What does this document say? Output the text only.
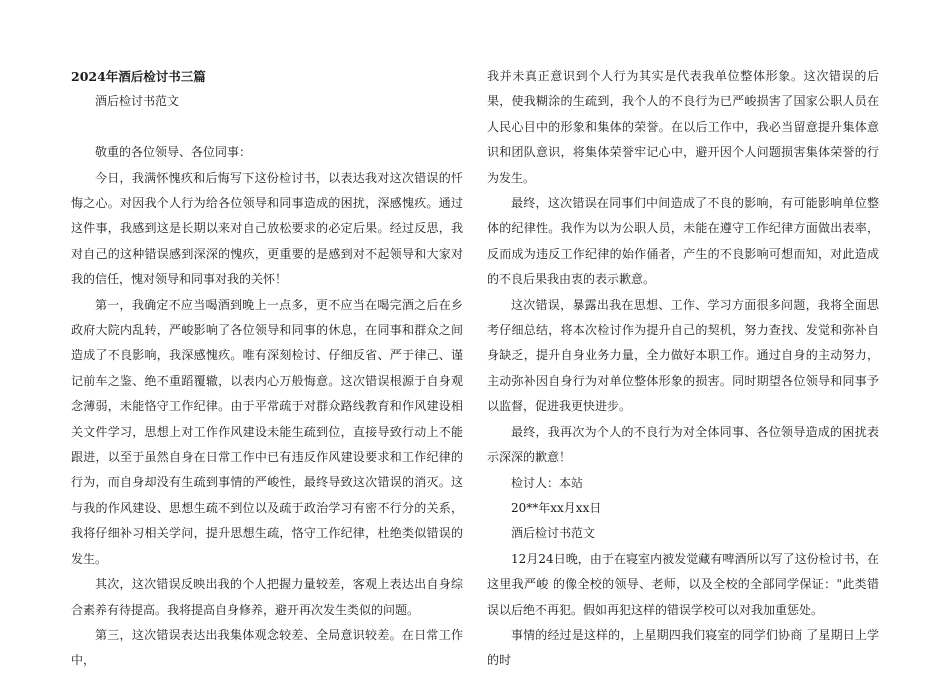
2024年酒后检讨书三篇

酒后检讨书范文

敬重的各位领导、各位同事：

今日，我满怀愧疚和后悔写下这份检讨书，以表达我对这次错误的忏悔之心。对因我个人行为给各位领导和同事造成的困扰，深感愧疚。通过这件事，我感到这是长期以来对自己放松要求的必定后果。经过反思，我对自己的这种错误感到深深的愧疚，更重要的是感到对不起领导和大家对我的信任，愧对领导和同事对我的关怀！

第一，我确定不应当喝酒到晚上一点多，更不应当在喝完酒之后在乡政府大院内乱转，严峻影响了各位领导和同事的休息，在同事和群众之间造成了不良影响，我深感愧疚。唯有深刻检讨、仔细反省、严于律己、谨记前车之鉴、绝不重蹈覆辙，以表内心万般悔意。这次错误根源于自身观念薄弱，未能恪守工作纪律。由于平常疏于对群众路线教育和作风建设相关文件学习，思想上对工作作风建设未能生疏到位，直接导致行动上不能跟进，以至于虽然自身在日常工作中已有违反作风建设要求和工作纪律的行为，而自身却没有生疏到事情的严峻性，最终导致这次错误的消灭。这与我的作风建设、思想生疏不到位以及疏于政治学习有密不行分的关系，我将仔细补习相关学问，提升思想生疏，恪守工作纪律，杜绝类似错误的发生。

其次，这次错误反映出我的个人把握力量较差，客观上表达出自身综合素养有待提高。我将提高自身修养，避开再次发生类似的问题。

第三，这次错误表达出我集体观念较差、全局意识较差。在日常工作中，

我并未真正意识到个人行为其实是代表我单位整体形象。这次错误的后果，使我糊涂的生疏到，我个人的不良行为已严峻损害了国家公职人员在人民心目中的形象和集体的荣誉。在以后工作中，我必当留意提升集体意识和团队意识，将集体荣誉牢记心中，避开因个人问题损害集体荣誉的行为发生。

最终，这次错误在同事们中间造成了不良的影响，有可能影响单位整体的纪律性。我作为以为公职人员，未能在遵守工作纪律方面做出表率，反而成为违反工作纪律的始作俑者，产生的不良影响可想而知，对此造成的不良后果我由衷的表示歉意。

这次错误，暴露出我在思想、工作、学习方面很多问题，我将全面思考仔细总结，将本次检讨作为提升自己的契机，努力查找、发觉和弥补自身缺乏，提升自身业务力量，全力做好本职工作。通过自身的主动努力，主动弥补因自身行为对单位整体形象的损害。同时期望各位领导和同事予以监督，促进我更快进步。

最终，我再次为个人的不良行为对全体同事、各位领导造成的困扰表示深深的歉意！

检讨人：本站

20**年xx月xx日

酒后检讨书范文

12月24日晚，由于在寝室内被发觉藏有啤酒所以写了这份检讨书，在这里我严峻 的像全校的领导、老师，以及全校的全部同学保证："此类错误以后绝不再犯。假如再犯这样的错误学校可以对我加重惩处。

事情的经过是这样的，上星期四我们寝室的同学们协商 了星期日上学的时
